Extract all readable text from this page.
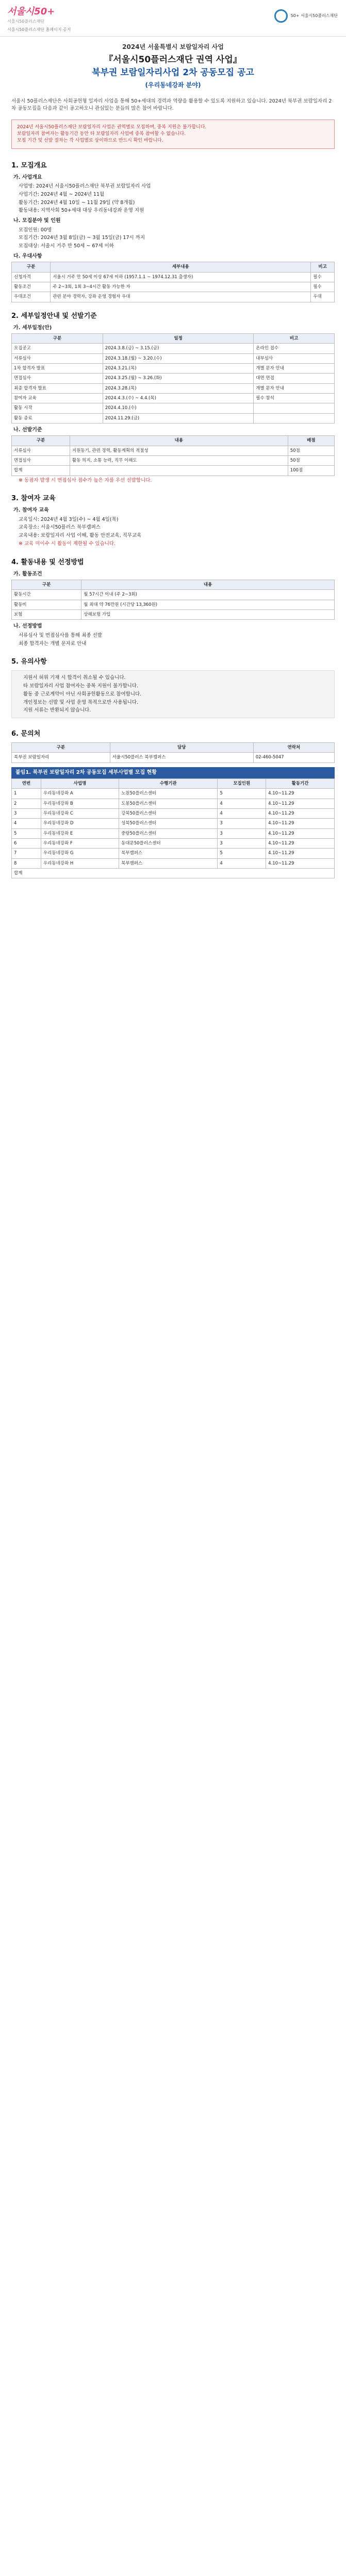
서울시50+
서울시50플러스재단
서울시50플러스재단 홈페이지 공지
50+ 서울시50플러스재단
2024년 서울특별시 보람일자리 사업
『서울시50플러스재단 권역 사업』
북부권 보람일자리사업 2차 공동모집 공고
(우리동네강좌 분야)
서울시 50플러스재단은 사회공헌형 일자리 사업을 통해 50+세대의 경력과 역량을 활용할 수 있도록 지원하고 있습니다. 2024년 북부권 보람일자리 2차 공동모집을 다음과 같이 공고하오니 관심있는 분들의 많은 참여 바랍니다.
2024년 서울시50플러스재단 보람일자리 사업은 권역별로 모집하며, 중복 지원은 불가합니다.
보람일자리 참여자는 활동기간 동안 타 보람일자리 사업에 중복 참여할 수 없습니다.
모집 기간 및 선발 절차는 각 사업별로 상이하므로 반드시 확인 바랍니다.
1. 모집개요
가. 사업개요
사업명: 2024년 서울시50플러스재단 북부권 보람일자리 사업
사업기간: 2024년 4월 ~ 2024년 11월
활동기간: 2024년 4월 10일 ~ 11월 29일 (약 8개월)
활동내용: 지역사회 50+세대 대상 우리동네강좌 운영 지원
나. 모집분야 및 인원
모집인원: 00명
모집기간: 2024년 3월 8일(금) ~ 3월 15일(금) 17시 까지
모집대상: 서울시 거주 만 50세 ~ 67세 이하
다. 우대사항
구분	세부내용	비고
신청자격	서울시 거주 만 50세 이상 67세 이하 (1957.1.1 ~ 1974.12.31 출생자)	필수
활동조건	주 2~3회, 1회 3~4시간 활동 가능한 자	필수
우대조건	관련 분야 경력자, 강좌 운영 경험자 우대	우대
2. 세부일정안내 및 선발기준
가. 세부일정(안)
구분	일정	비고
모집공고	2024.3.8.(금) ~ 3.15.(금)	온라인 접수
서류심사	2024.3.18.(월) ~ 3.20.(수)	내부심사
1차 합격자 발표	2024.3.21.(목)	개별 문자 안내
면접심사	2024.3.25.(월) ~ 3.26.(화)	대면 면접
최종 합격자 발표	2024.3.28.(목)	개별 문자 안내
참여자 교육	2024.4.3.(수) ~ 4.4.(목)	필수 참석
활동 시작	2024.4.10.(수)	
활동 종료	2024.11.29.(금)	
나. 선발기준
구분	내용	배점
서류심사	지원동기, 관련 경력, 활동계획의 적절성	50점
면접심사	활동 의지, 소통 능력, 직무 이해도	50점
합계		100점
※ 동점자 발생 시 면접심사 점수가 높은 자를 우선 선발합니다.
3. 참여자 교육
가. 참여자 교육
교육일시: 2024년 4월 3일(수) ~ 4월 4일(목)
교육장소: 서울시50플러스 북부캠퍼스
교육내용: 보람일자리 사업 이해, 활동 안전교육, 직무교육
※ 교육 미이수 시 활동이 제한될 수 있습니다.
4. 활동내용 및 선정방법
가. 활동조건
구분	내용
활동시간	월 57시간 이내 (주 2~3회)
활동비	월 최대 약 76만원 (시간당 13,360원)
보험	상해보험 가입
나. 선정방법
서류심사 및 면접심사를 통해 최종 선발
최종 합격자는 개별 문자로 안내
5. 유의사항
지원서 허위 기재 시 합격이 취소될 수 있습니다.
타 보람일자리 사업 참여자는 중복 지원이 불가합니다.
활동 중 근로계약이 아닌 사회공헌활동으로 참여합니다.
개인정보는 선발 및 사업 운영 목적으로만 사용됩니다.
지원 서류는 반환되지 않습니다.
6. 문의처
구분	담당	연락처
북부권 보람일자리	서울시50플러스 북부캠퍼스	02-460-5047
붙임1. 북부권 보람일자리 2차 공동모집 세부사업별 모집 현황
연번	사업명	수행기관	모집인원	활동기간
1	우리동네강좌 A	노원50플러스센터	5	4.10~11.29
2	우리동네강좌 B	도봉50플러스센터	4	4.10~11.29
3	우리동네강좌 C	강북50플러스센터	4	4.10~11.29
4	우리동네강좌 D	성북50플러스센터	3	4.10~11.29
5	우리동네강좌 E	중랑50플러스센터	3	4.10~11.29
6	우리동네강좌 F	동대문50플러스센터	3	4.10~11.29
7	우리동네강좌 G	북부캠퍼스	5	4.10~11.29
8	우리동네강좌 H	북부캠퍼스	4	4.10~11.29
합계				
